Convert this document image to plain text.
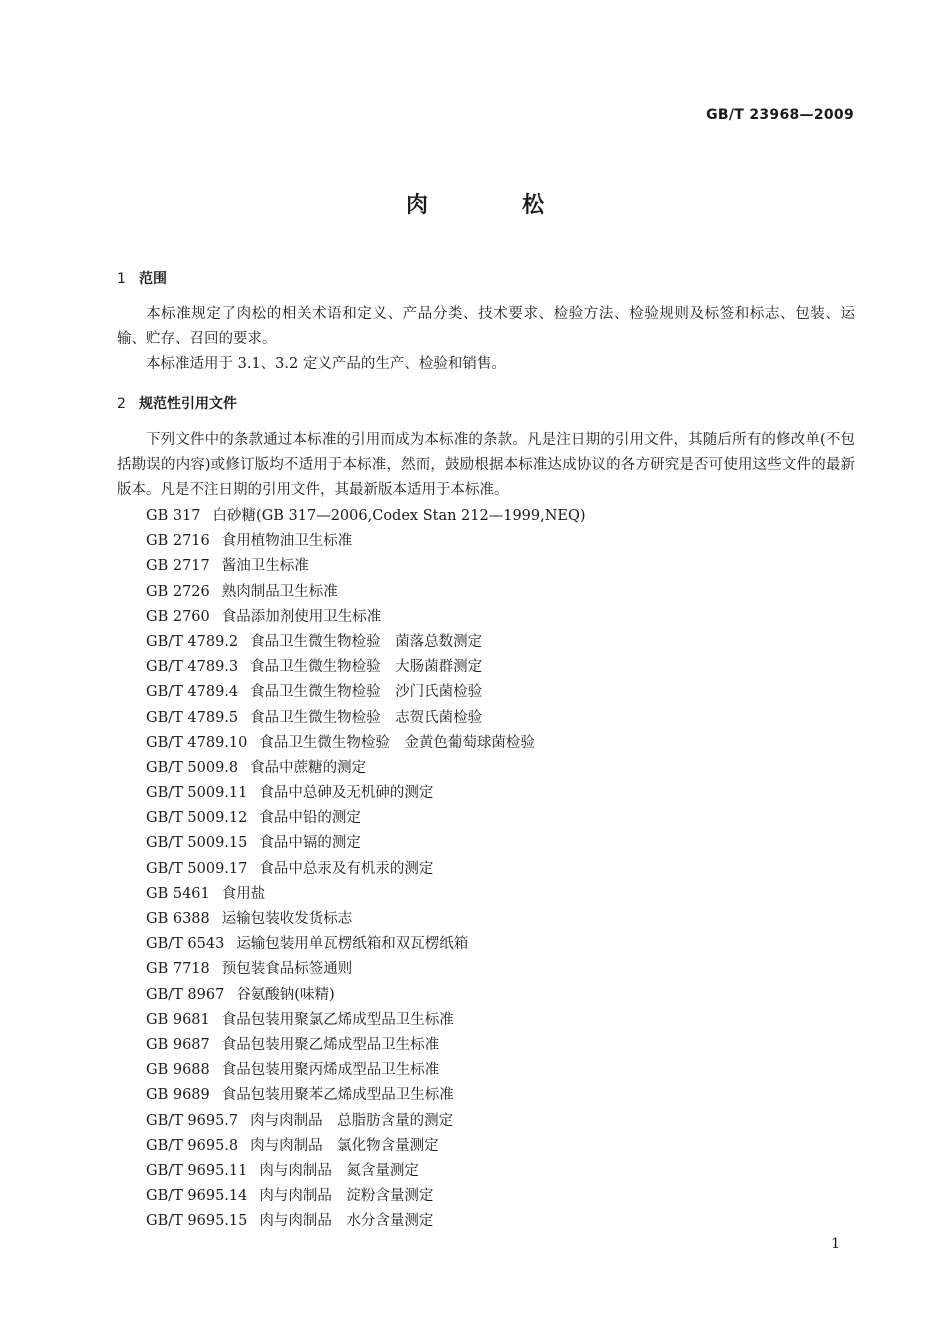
GB/T 23968—2009
肉　松
1 范围
本标准规定了肉松的相关术语和定义、产品分类、技术要求、检验方法、检验规则及标签和标志、包装、运输、贮存、召回的要求。
本标准适用于 3.1、3.2 定义产品的生产、检验和销售。
2 规范性引用文件
下列文件中的条款通过本标准的引用而成为本标准的条款。凡是注日期的引用文件，其随后所有的修改单(不包括勘误的内容)或修订版均不适用于本标准，然而，鼓励根据本标准达成协议的各方研究是否可使用这些文件的最新版本。凡是不注日期的引用文件，其最新版本适用于本标准。
GB 317 白砂糖(GB 317—2006,Codex Stan 212—1999,NEQ)
GB 2716 食用植物油卫生标准
GB 2717 酱油卫生标准
GB 2726 熟肉制品卫生标准
GB 2760 食品添加剂使用卫生标准
GB/T 4789.2 食品卫生微生物检验　菌落总数测定
GB/T 4789.3 食品卫生微生物检验　大肠菌群测定
GB/T 4789.4 食品卫生微生物检验　沙门氏菌检验
GB/T 4789.5 食品卫生微生物检验　志贺氏菌检验
GB/T 4789.10 食品卫生微生物检验　金黄色葡萄球菌检验
GB/T 5009.8 食品中蔗糖的测定
GB/T 5009.11 食品中总砷及无机砷的测定
GB/T 5009.12 食品中铅的测定
GB/T 5009.15 食品中镉的测定
GB/T 5009.17 食品中总汞及有机汞的测定
GB 5461 食用盐
GB 6388 运输包装收发货标志
GB/T 6543 运输包装用单瓦楞纸箱和双瓦楞纸箱
GB 7718 预包装食品标签通则
GB/T 8967 谷氨酸钠(味精)
GB 9681 食品包装用聚氯乙烯成型品卫生标准
GB 9687 食品包装用聚乙烯成型品卫生标准
GB 9688 食品包装用聚丙烯成型品卫生标准
GB 9689 食品包装用聚苯乙烯成型品卫生标准
GB/T 9695.7 肉与肉制品　总脂肪含量的测定
GB/T 9695.8 肉与肉制品　氯化物含量测定
GB/T 9695.11 肉与肉制品　氮含量测定
GB/T 9695.14 肉与肉制品　淀粉含量测定
GB/T 9695.15 肉与肉制品　水分含量测定
1
